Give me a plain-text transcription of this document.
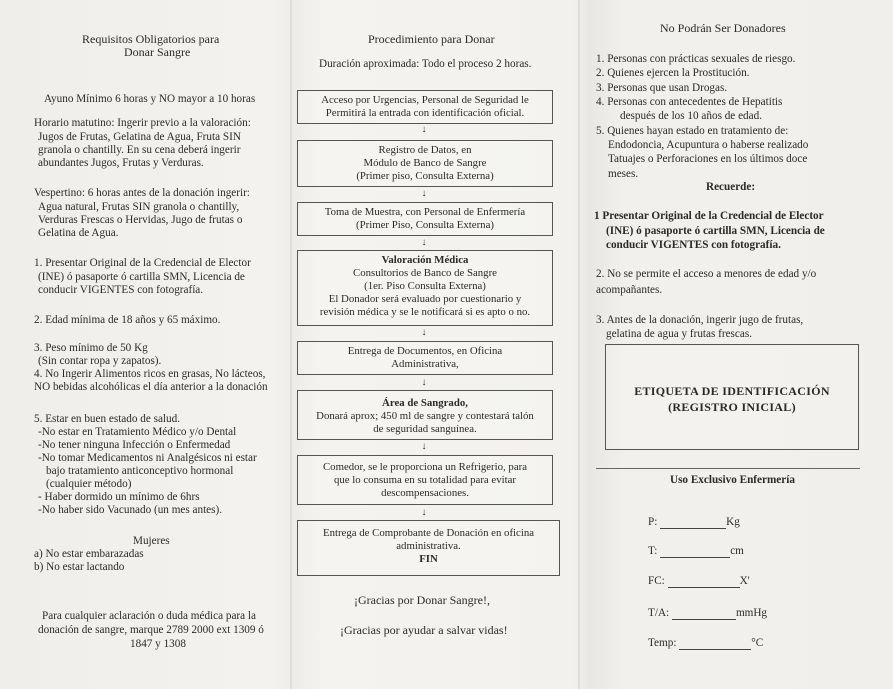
Requisitos Obligatorios para
Donar Sangre
Ayuno Mínimo 6 horas y NO mayor a 10 horas
Horario matutino: Ingerir previo a la valoración:
Jugos de Frutas, Gelatina de Agua, Fruta SIN
granola o chantilly. En su cena deberá ingerir
abundantes Jugos, Frutas y Verduras.
Vespertino: 6 horas antes de la donación ingerir:
Agua natural, Frutas SIN granola o chantilly,
Verduras Frescas o Hervidas, Jugo de frutas o
Gelatina de Agua.
1. Presentar Original de la Credencial de Elector
(INE) ó pasaporte ó cartilla SMN, Licencia de
conducir VIGENTES con fotografía.
2. Edad mínima de 18 años y 65 máximo.
3. Peso mínimo de 50 Kg
(Sin contar ropa y zapatos).
4. No Ingerir Alimentos ricos en grasas, No lácteos,
NO bebidas alcohólicas el día anterior a la donación
5. Estar en buen estado de salud.
-No estar en Tratamiento Médico y/o Dental
-No tener ninguna Infección o Enfermedad
-No tomar Medicamentos ni Analgésicos ni estar
bajo tratamiento anticonceptivo hormonal
(cualquier método)
- Haber dormido un mínimo de 6hrs
-No haber sido Vacunado (un mes antes).
Mujeres
a) No estar embarazadas
b) No estar lactando
Para cualquier aclaración o duda médica para la
donación de sangre, marque 2789 2000 ext 1309 ó
1847 y 1308
Procedimiento para Donar
Duración aproximada: Todo el proceso 2 horas.
Acceso por Urgencias, Personal de Seguridad le
Permitirá la entrada con identificación oficial.
↓
Registro de Datos, en
Módulo de Banco de Sangre
(Primer piso, Consulta Externa)
↓
Toma de Muestra, con Personal de Enfermería
(Primer Piso, Consulta Externa)
↓
Valoración Médica
Consultorios de Banco de Sangre
(1er. Piso Consulta Externa)
El Donador será evaluado por cuestionario y
revisión médica y se le notificará si es apto o no.
↓
Entrega de Documentos, en Oficina
Administrativa,
↓
Área de Sangrado,
Donará aprox; 450 ml de sangre y contestará talón
de seguridad sanguínea.
↓
Comedor, se le proporciona un Refrigerio, para
que lo consuma en su totalidad para evitar
descompensaciones.
↓
Entrega de Comprobante de Donación en oficina
administrativa.
FIN
¡Gracias por Donar Sangre!,
¡Gracias por ayudar a salvar vidas!
No Podrán Ser Donadores
1. Personas con prácticas sexuales de riesgo.
2. Quienes ejercen la Prostitución.
3. Personas que usan Drogas.
4. Personas con antecedentes de Hepatitis
después de los 10 años de edad.
5. Quienes hayan estado en tratamiento de:
Endodoncia, Acupuntura o haberse realizado
Tatuajes o Perforaciones en los últimos doce
meses.
Recuerde:
1 Presentar Original de la Credencial de Elector
(INE) ó pasaporte ó cartilla SMN, Licencia de
conducir VIGENTES con fotografía.
2. No se permite el acceso a menores de edad y/o
acompañantes.
3. Antes de la donación, ingerir jugo de frutas,
gelatina de agua y frutas frescas.
ETIQUETA DE IDENTIFICACIÓN
(REGISTRO INICIAL)
Uso Exclusivo Enfermería
P:	Kg
T:	cm
FC:	X'
T/A:	mmHg
Temp:	°C
